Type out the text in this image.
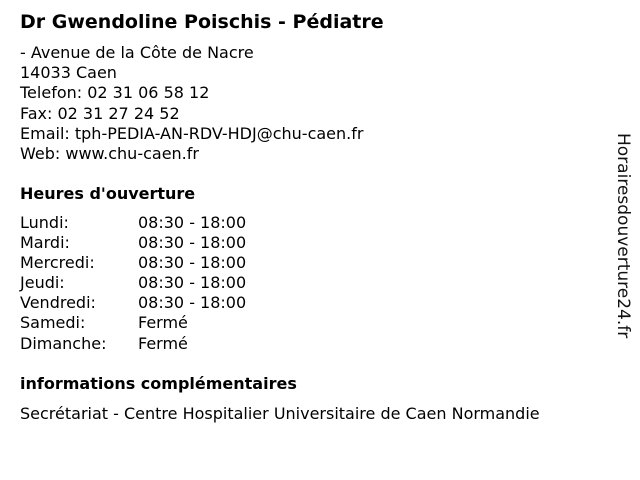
Dr Gwendoline Poischis - Pédiatre
- Avenue de la Côte de Nacre
14033 Caen
Telefon: 02 31 06 58 12
Fax: 02 31 27 24 52
Email: tph-PEDIA-AN-RDV-HDJ@chu-caen.fr
Web: www.chu-caen.fr
Heures d'ouverture
Lundi:	08:30 - 18:00
Mardi:	08:30 - 18:00
Mercredi:	08:30 - 18:00
Jeudi:	08:30 - 18:00
Vendredi:	08:30 - 18:00
Samedi:	Fermé
Dimanche: Fermé
informations complémentaires
Secrétariat - Centre Hospitalier Universitaire de Caen Normandie
Horairesdouverture24.fr
